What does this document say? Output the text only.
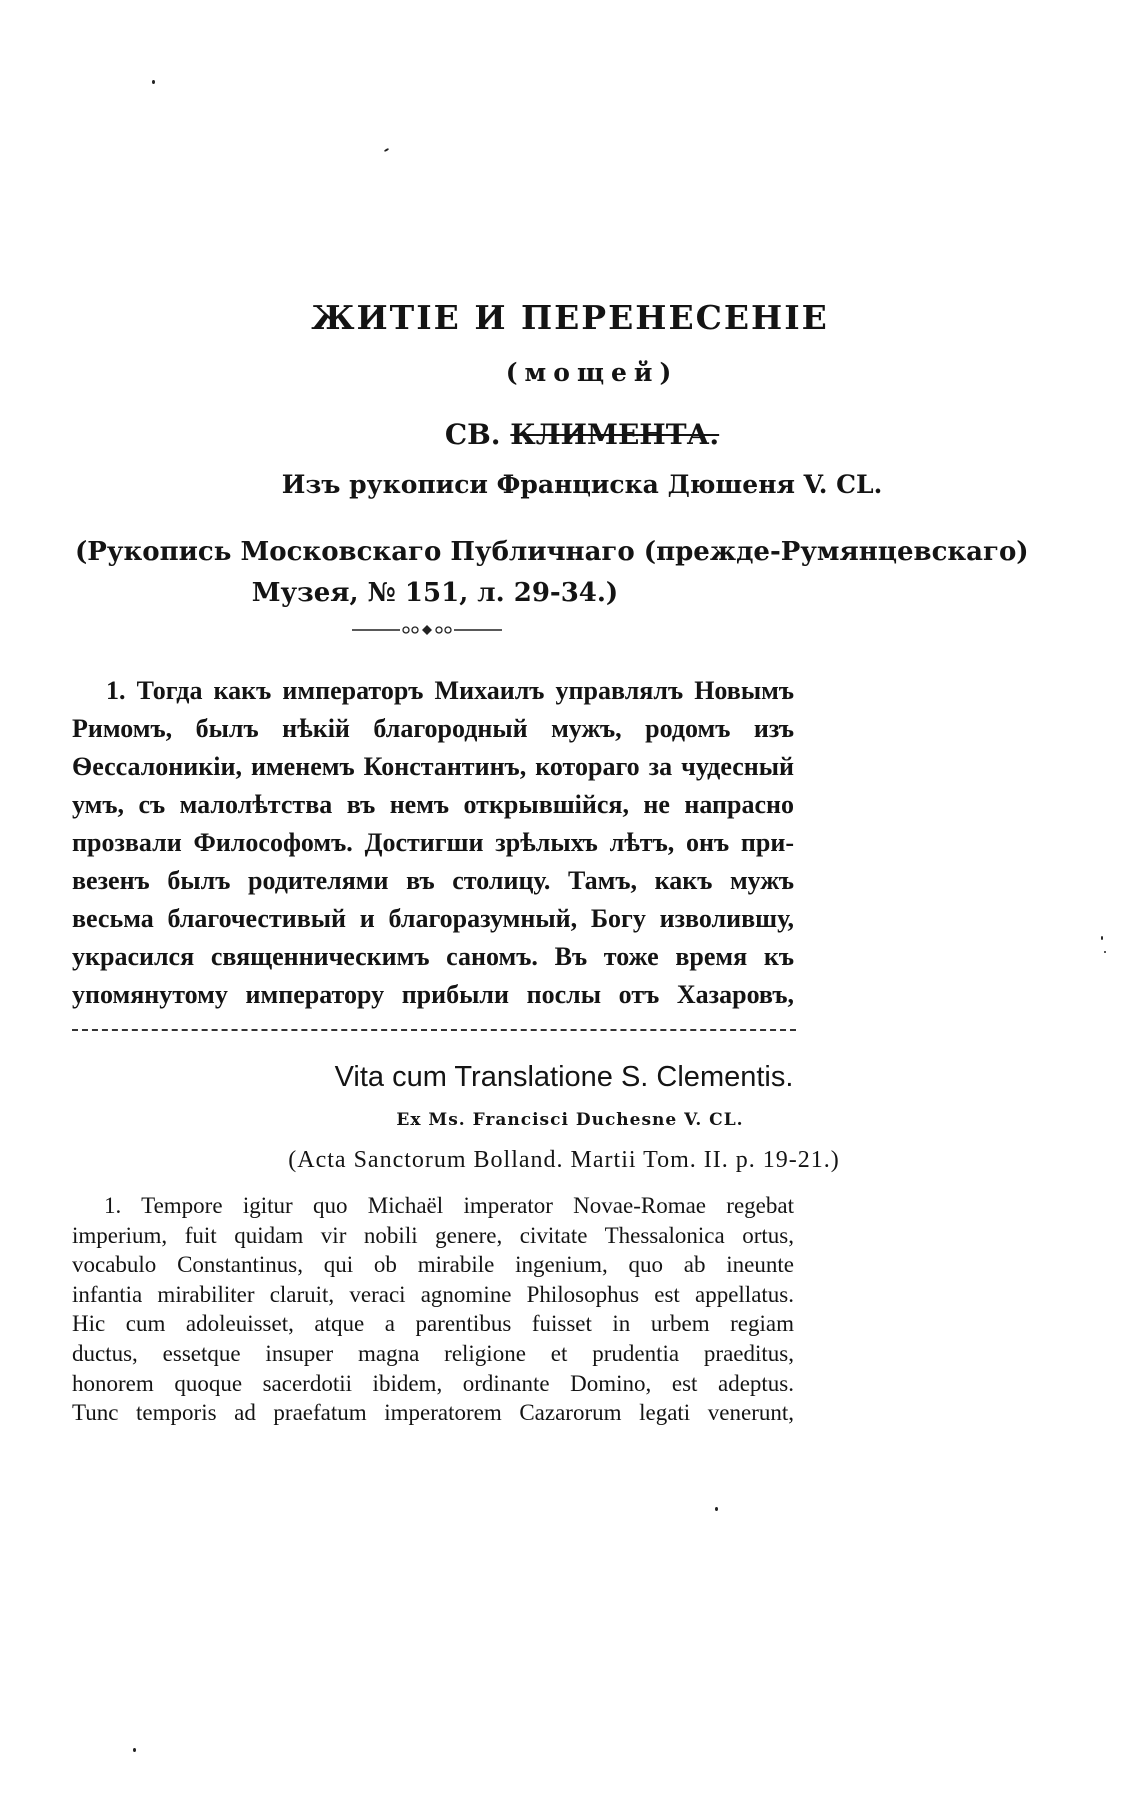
ЖИТІЕ И ПЕРЕНЕСЕНІЕ
(мощей)
СВ. КЛИМЕНТА.
Изъ рукописи Франциска Дюшеня V. CL.
(Рукопись Московскаго Публичнаго (прежде-Румянцевскаго)
Музея, № 151, л. 29-34.)
1. Тогда какъ императоръ Михаилъ управлялъ Новымъ
Римомъ, былъ нѣкій благородный мужъ, родомъ изъ
Ѳессалоникіи, именемъ Константинъ, котораго за чудесный
умъ, съ малолѣтства въ немъ открывшійся, не напрасно
прозвали Философомъ. Достигши зрѣлыхъ лѣтъ, онъ при-
везенъ былъ родителями въ столицу. Тамъ, какъ мужъ
весьма благочестивый и благоразумный, Богу изволившу,
украсился священническимъ саномъ. Въ тоже время къ
упомянутому императору прибыли послы отъ Хазаровъ,
Vita cum Translatione S. Clementis.
Ex Ms. Francisci Duchesne V. CL.
(Acta Sanctorum Bolland. Martii Tom. II. p. 19-21.)
1. Tempore igitur quo Michaël imperator Novae-Romae regebat
imperium, fuit quidam vir nobili genere, civitate Thessalonica ortus,
vocabulo Constantinus, qui ob mirabile ingenium, quo ab ineunte
infantia mirabiliter claruit, veraci agnomine Philosophus est appellatus.
Hic cum adoleuisset, atque a parentibus fuisset in urbem regiam
ductus, essetque insuper magna religione et prudentia praeditus,
honorem quoque sacerdotii ibidem, ordinante Domino, est adeptus.
Tunc temporis ad praefatum imperatorem Cazarorum legati venerunt,
